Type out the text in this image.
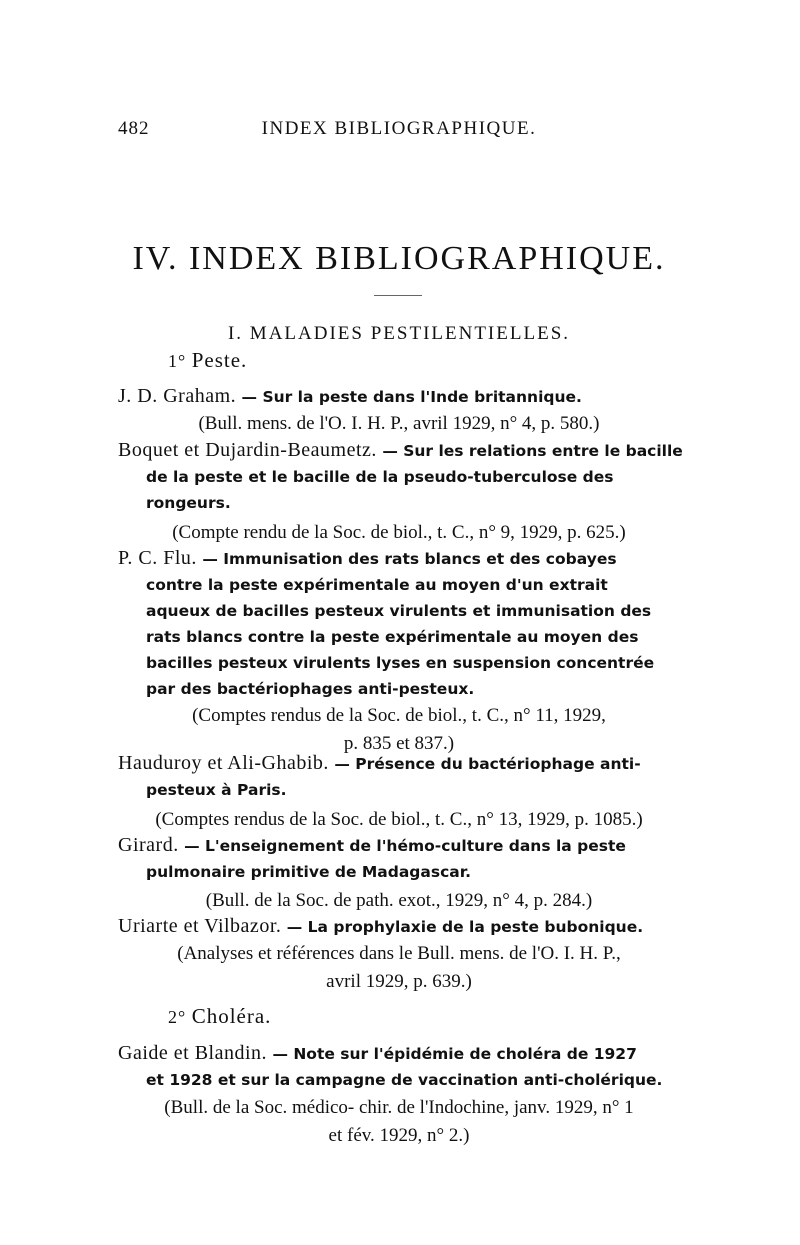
482	INDEX BIBLIOGRAPHIQUE.
IV. INDEX BIBLIOGRAPHIQUE.
I. MALADIES PESTILENTIELLES.
1° Peste.
J. D. Graham. — Sur la peste dans l'Inde britannique.
(Bull. mens. de l'O. I. H. P., avril 1929, n° 4, p. 580.)
Boquet et Dujardin-Beaumetz. — Sur les relations entre le bacille
de la peste et le bacille de la pseudo-tuberculose des
rongeurs.
(Compte rendu de la Soc. de biol., t. C., n° 9, 1929, p. 625.)
P. C. Flu. — Immunisation des rats blancs et des cobayes
contre la peste expérimentale au moyen d'un extrait
aqueux de bacilles pesteux virulents et immunisation des
rats blancs contre la peste expérimentale au moyen des
bacilles pesteux virulents lyses en suspension concentrée
par des bactériophages anti-pesteux.
(Comptes rendus de la Soc. de biol., t. C., n° 11, 1929,
p. 835 et 837.)
Hauduroy et Ali-Ghabib. — Présence du bactériophage anti-
pesteux à Paris.
(Comptes rendus de la Soc. de biol., t. C., n° 13, 1929, p. 1085.)
Girard. — L'enseignement de l'hémo-culture dans la peste
pulmonaire primitive de Madagascar.
(Bull. de la Soc. de path. exot., 1929, n° 4, p. 284.)
Uriarte et Vilbazor. — La prophylaxie de la peste bubonique.
(Analyses et références dans le Bull. mens. de l'O. I. H. P.,
avril 1929, p. 639.)
2° Choléra.
Gaide et Blandin. — Note sur l'épidémie de choléra de 1927
et 1928 et sur la campagne de vaccination anti-cholérique.
(Bull. de la Soc. médico- chir. de l'Indochine, janv. 1929, n° 1
et fév. 1929, n° 2.)
